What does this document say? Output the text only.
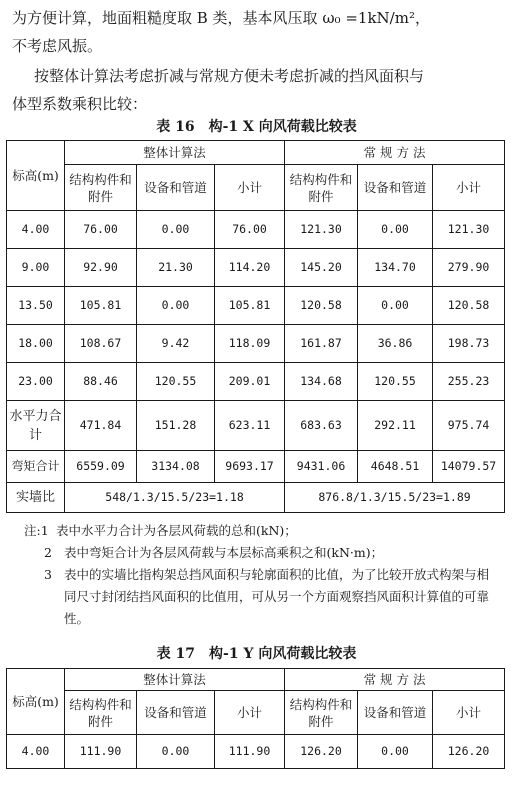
为方便计算，地面粗糙度取 B 类，基本风压取 ω₀ =1kN/m²，
不考虑风振。
按整体计算法考虑折减与常规方便未考虑折减的挡风面积与
体型系数乘积比较：
表 16　构-1 X 向风荷载比较表
标高(m)	整体计算法			常 规 方 法		
	结构构件和附件	设备和管道	小计	结构构件和附件	设备和管道	小计
4.00	76.00	0.00	76.00	121.30	0.00	121.30
9.00	92.90	21.30	114.20	145.20	134.70	279.90
13.50	105.81	0.00	105.81	120.58	0.00	120.58
18.00	108.67	9.42	118.09	161.87	36.86	198.73
23.00	88.46	120.55	209.01	134.68	120.55	255.23
水平力合计	471.84	151.28	623.11	683.63	292.11	975.74
弯矩合计	6559.09	3134.08	9693.17	9431.06	4648.51	14079.57
实墙比	548/1.3/15.5/23=1.18			876.8/1.3/15.5/23=1.89		
注:1 表中水平力合计为各层风荷载的总和(kN)；
2 表中弯矩合计为各层风荷载与本层标高乘积之和(kN·m)；
3 表中的实墙比指构架总挡风面积与轮廓面积的比值，为了比较开放式构架与相同尺寸封闭结挡风面积的比值用，可从另一个方面观察挡风面积计算值的可靠性。
表 17　构-1 Y 向风荷载比较表
标高(m)	整体计算法			常 规 方 法		
	结构构件和附件	设备和管道	小计	结构构件和附件	设备和管道	小计
4.00	111.90	0.00	111.90	126.20	0.00	126.20
